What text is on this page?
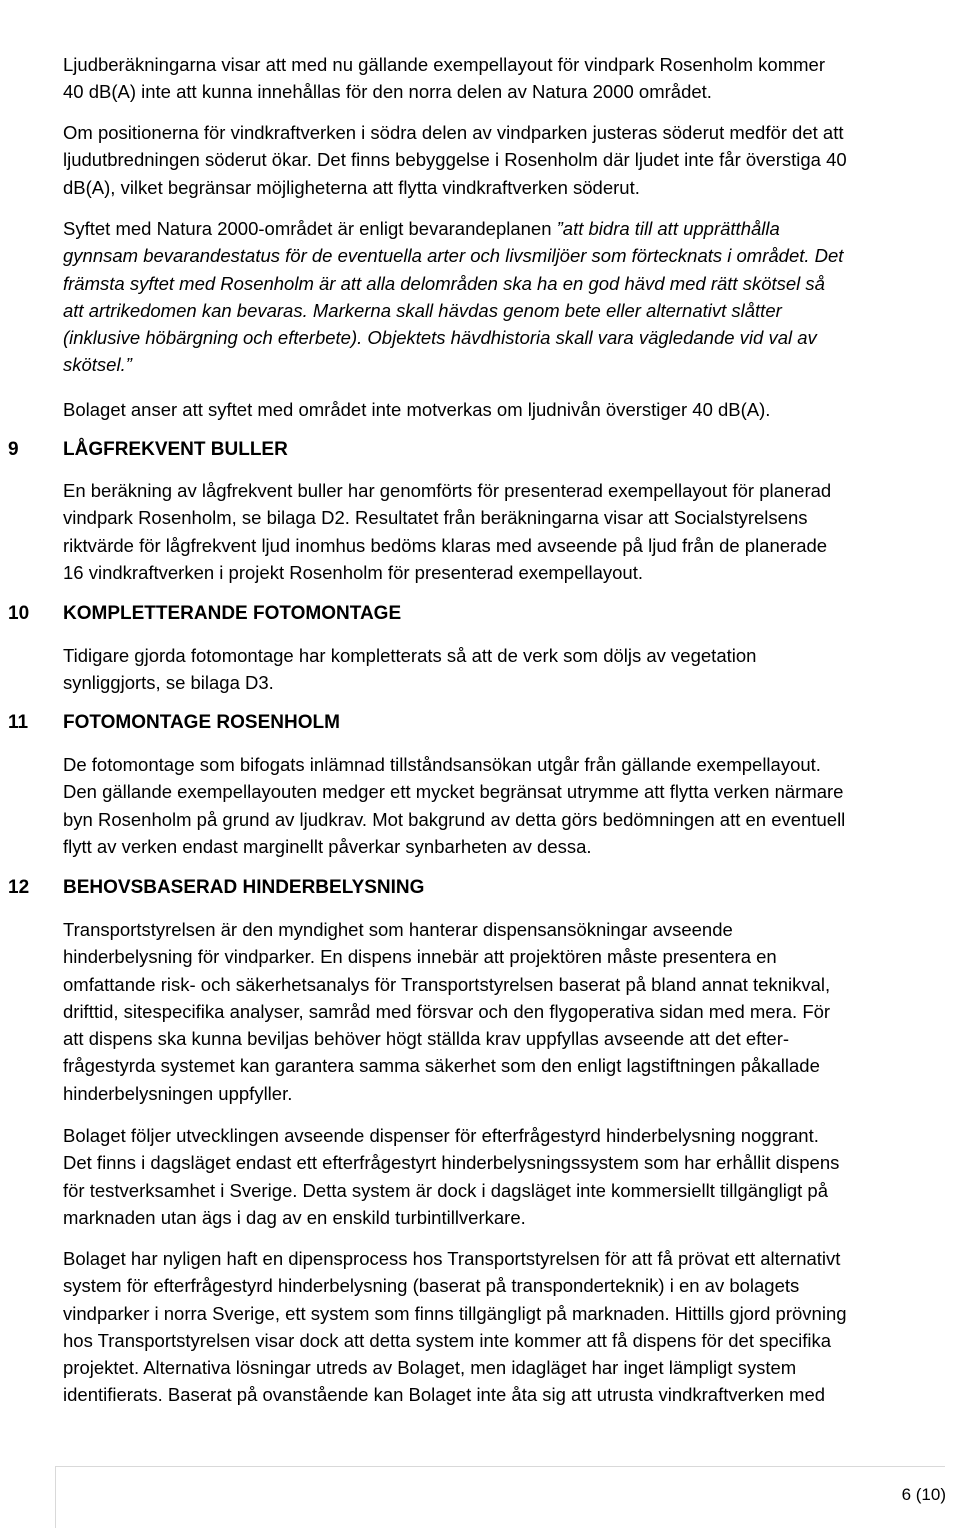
Ljudberäkningarna visar att med nu gällande exempellayout för vindpark Rosenholm kommer
40 dB(A) inte att kunna innehållas för den norra delen av Natura 2000 området.

Om positionerna för vindkraftverken i södra delen av vindparken justeras söderut medför det att
ljudutbredningen söderut ökar. Det finns bebyggelse i Rosenholm där ljudet inte får överstiga 40
dB(A), vilket begränsar möjligheterna att flytta vindkraftverken söderut.

Syftet med Natura 2000-området är enligt bevarandeplanen ”att bidra till att upprätthålla
gynnsam bevarandestatus för de eventuella arter och livsmiljöer som förtecknats i området. Det
främsta syftet med Rosenholm är att alla delområden ska ha en god hävd med rätt skötsel så
att artrikedomen kan bevaras. Markerna skall hävdas genom bete eller alternativt slåtter
(inklusive höbärgning och efterbete). Objektets hävdhistoria skall vara vägledande vid val av
skötsel.”

Bolaget anser att syftet med området inte motverkas om ljudnivån överstiger 40 dB(A).

9 LÅGFREKVENT BULLER

En beräkning av lågfrekvent buller har genomförts för presenterad exempellayout för planerad
vindpark Rosenholm, se bilaga D2. Resultatet från beräkningarna visar att Socialstyrelsens
riktvärde för lågfrekvent ljud inomhus bedöms klaras med avseende på ljud från de planerade
16 vindkraftverken i projekt Rosenholm för presenterad exempellayout.

10 KOMPLETTERANDE FOTOMONTAGE

Tidigare gjorda fotomontage har kompletterats så att de verk som döljs av vegetation
synliggjorts, se bilaga D3.

11 FOTOMONTAGE ROSENHOLM

De fotomontage som bifogats inlämnad tillståndsansökan utgår från gällande exempellayout.
Den gällande exempellayouten medger ett mycket begränsat utrymme att flytta verken närmare
byn Rosenholm på grund av ljudkrav. Mot bakgrund av detta görs bedömningen att en eventuell
flytt av verken endast marginellt påverkar synbarheten av dessa.

12 BEHOVSBASERAD HINDERBELYSNING

Transportstyrelsen är den myndighet som hanterar dispensansökningar avseende
hinderbelysning för vindparker. En dispens innebär att projektören måste presentera en
omfattande risk- och säkerhetsanalys för Transportstyrelsen baserat på bland annat teknikval,
drifttid, sitespecifika analyser, samråd med försvar och den flygoperativa sidan med mera. För
att dispens ska kunna beviljas behöver högt ställda krav uppfyllas avseende att det efter-
frågestyrda systemet kan garantera samma säkerhet som den enligt lagstiftningen påkallade
hinderbelysningen uppfyller.

Bolaget följer utvecklingen avseende dispenser för efterfrågestyrd hinderbelysning noggrant.
Det finns i dagsläget endast ett efterfrågestyrt hinderbelysningssystem som har erhållit dispens
för testverksamhet i Sverige. Detta system är dock i dagsläget inte kommersiellt tillgängligt på
marknaden utan ägs i dag av en enskild turbintillverkare.

Bolaget har nyligen haft en dipensprocess hos Transportstyrelsen för att få prövat ett alternativt
system för efterfrågestyrd hinderbelysning (baserat på transponderteknik) i en av bolagets
vindparker i norra Sverige, ett system som finns tillgängligt på marknaden. Hittills gjord prövning
hos Transportstyrelsen visar dock att detta system inte kommer att få dispens för det specifika
projektet. Alternativa lösningar utreds av Bolaget, men idagläget har inget lämpligt system
identifierats. Baserat på ovanstående kan Bolaget inte åta sig att utrusta vindkraftverken med

6 (10)
